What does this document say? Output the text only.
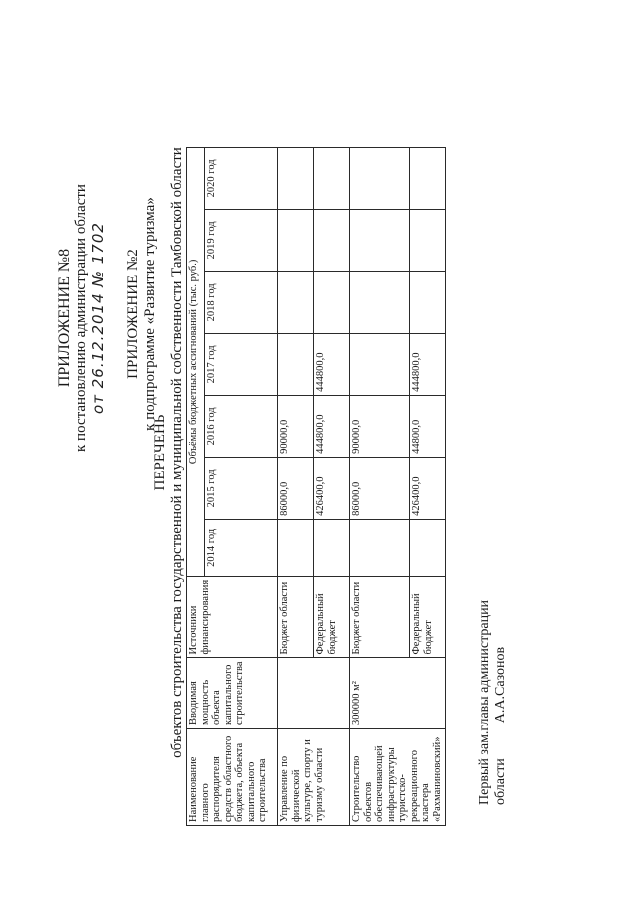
ПРИЛОЖЕНИЕ №8 к постановлению администрации области от 26.12.2014 № 1702 ПРИЛОЖЕНИЕ №2 к подпрограмме «Развитие туризма»
ПЕРЕЧЕНЬ объектов строительства государственной и муниципальной собственности Тамбовской области
Наименование главного распорядителя средств областного бюджета, объекта капитального строительства	Вводимая мощность объекта капитального строительства	Источники финансирования	Объёмы бюджетных ассигнований (тыс. руб.)						
			2014 год	2015 год	2016 год	2017 год	2018 год	2019 год	2020 год
Управление по физической культуре, спорту и туризму области		Бюджет области		86000,0	90000,0				
		Федеральный бюджет		426400,0	444800,0	444800,0			
Строительство объектов обеспечивающей инфраструктуры туристско-рекреационного кластера «Рахманиновский»	300000 м²	Бюджет области		86000,0	90000,0				
		Федеральный бюджет		426400,0	44800,0	444800,0			
Первый зам.главы администрации области          А.А.Сазонов
